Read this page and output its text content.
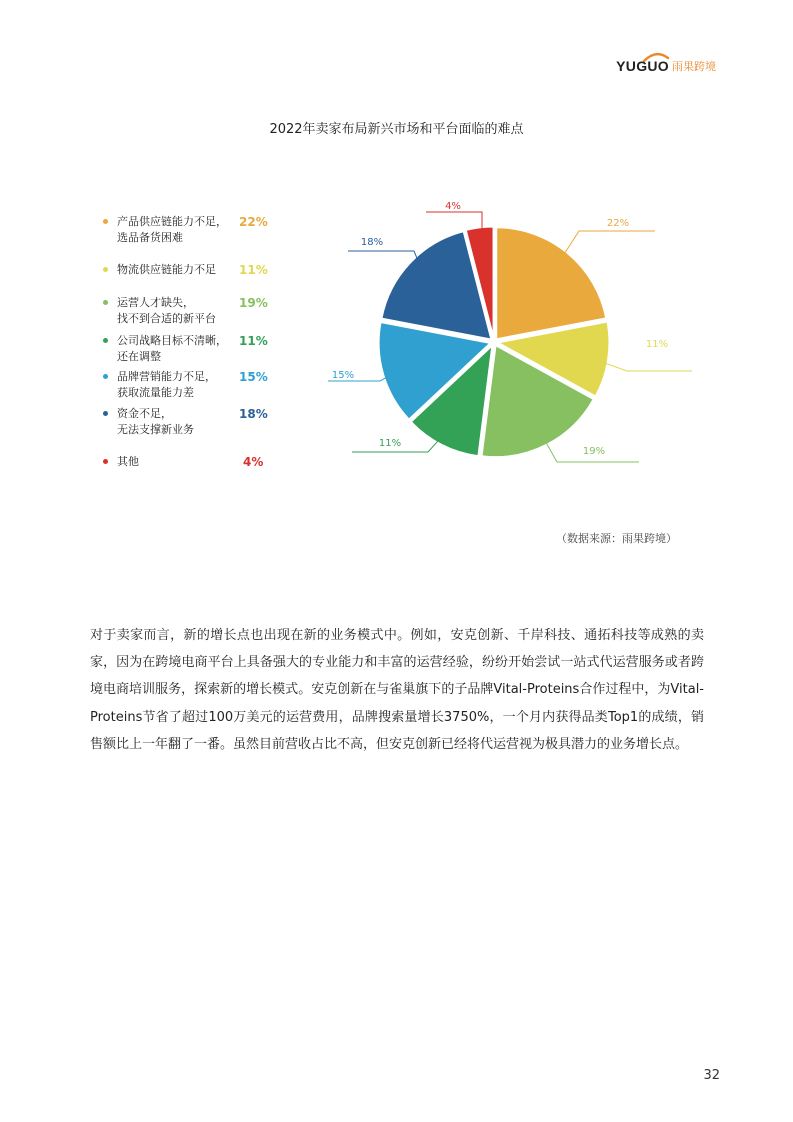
YUGUO 雨果跨境
2022年卖家布局新兴市场和平台面临的难点
产品供应链能力不足，
选品备货困难
22%
物流供应链能力不足	11%
运营人才缺失，
找不到合适的新平台
19%
公司战略目标不清晰，
还在调整
11%
品牌营销能力不足，
获取流量能力差
15%
资金不足，
无法支撑新业务
18%
其他	4%
22%
11%
19%
11%
15%
18%
4%
（数据来源：雨果跨境）
对于卖家而言，新的增长点也出现在新的业务模式中。例如，安克创新、千岸科技、通拓科技等成熟的卖家，因为在跨境电商平台上具备强大的专业能力和丰富的运营经验，纷纷开始尝试一站式代运营服务或者跨境电商培训服务，探索新的增长模式。安克创新在与雀巢旗下的子品牌Vital-Proteins合作过程中，为Vital-Proteins节省了超过100万美元的运营费用，品牌搜索量增长3750%，一个月内获得品类Top1的成绩，销售额比上一年翻了一番。虽然目前营收占比不高，但安克创新已经将代运营视为极具潜力的业务增长点。
32
